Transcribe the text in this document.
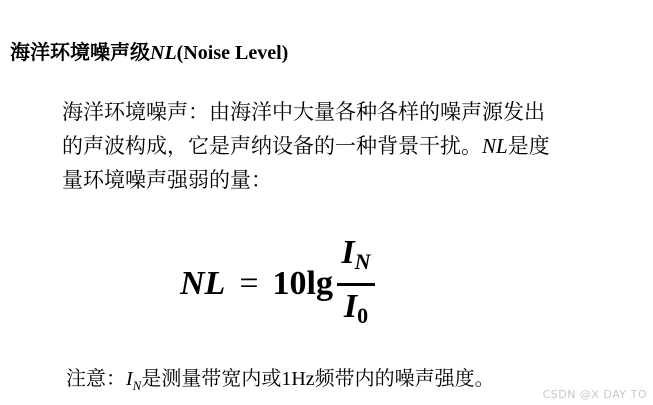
海洋环境噪声级NL(Noise Level)
海洋环境噪声：由海洋中大量各种各样的噪声源发出
的声波构成，它是声纳设备的一种背景干扰。NL是度
量环境噪声强弱的量：
NL = $10\lg \frac{I_N}{I_0}$
注意：$I_N$是测量带宽内或1Hz频带内的噪声强度。
CSDN @X DAY TO
